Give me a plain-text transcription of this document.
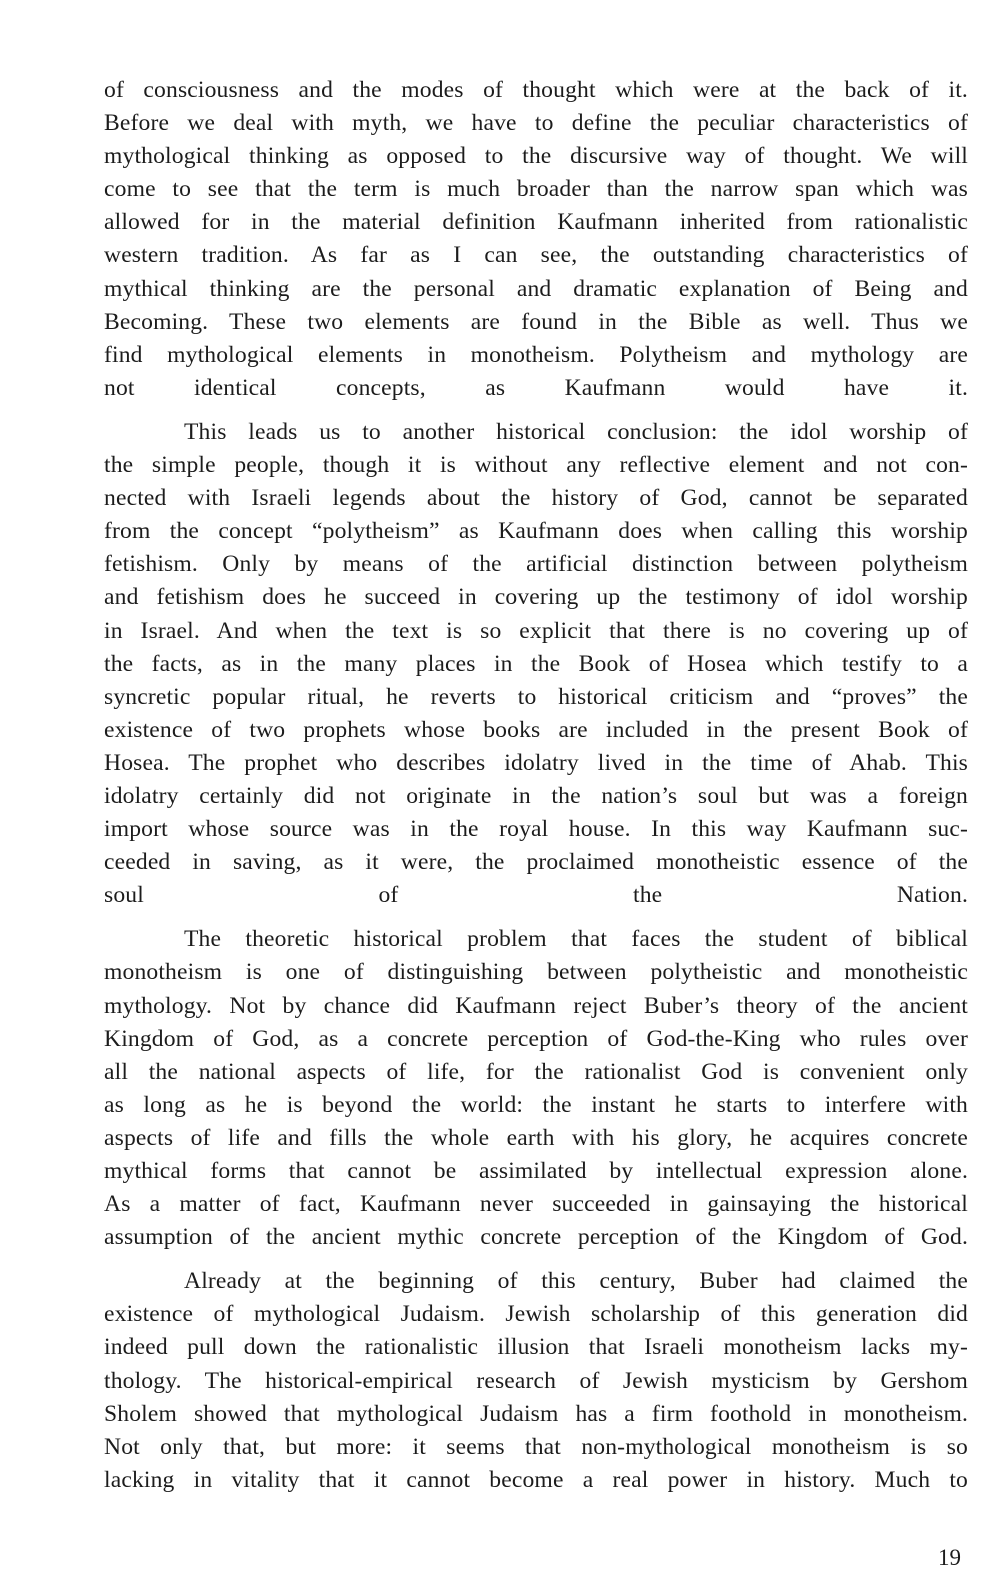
of consciousness and the modes of thought which were at the back of it.
Before we deal with myth, we have to define the peculiar characteristics of
mythological thinking as opposed to the discursive way of thought. We will
come to see that the term is much broader than the narrow span which was
allowed for in the material definition Kaufmann inherited from rationalistic
western tradition. As far as I can see, the outstanding characteristics of
mythical thinking are the personal and dramatic explanation of Being and
Becoming. These two elements are found in the Bible as well. Thus we
find mythological elements in monotheism. Polytheism and mythology are
not identical concepts, as Kaufmann would have it.
This leads us to another historical conclusion: the idol worship of
the simple people, though it is without any reflective element and not con-
nected with Israeli legends about the history of God, cannot be separated
from the concept “polytheism” as Kaufmann does when calling this worship
fetishism. Only by means of the artificial distinction between polytheism
and fetishism does he succeed in covering up the testimony of idol worship
in Israel. And when the text is so explicit that there is no covering up of
the facts, as in the many places in the Book of Hosea which testify to a
syncretic popular ritual, he reverts to historical criticism and “proves” the
existence of two prophets whose books are included in the present Book of
Hosea. The prophet who describes idolatry lived in the time of Ahab. This
idolatry certainly did not originate in the nation’s soul but was a foreign
import whose source was in the royal house. In this way Kaufmann suc-
ceeded in saving, as it were, the proclaimed monotheistic essence of the
soul of the Nation.
The theoretic historical problem that faces the student of biblical
monotheism is one of distinguishing between polytheistic and monotheistic
mythology. Not by chance did Kaufmann reject Buber’s theory of the ancient
Kingdom of God, as a concrete perception of God-the-King who rules over
all the national aspects of life, for the rationalist God is convenient only
as long as he is beyond the world: the instant he starts to interfere with
aspects of life and fills the whole earth with his glory, he acquires concrete
mythical forms that cannot be assimilated by intellectual expression alone.
As a matter of fact, Kaufmann never succeeded in gainsaying the historical
assumption of the ancient mythic concrete perception of the Kingdom of God.
Already at the beginning of this century, Buber had claimed the
existence of mythological Judaism. Jewish scholarship of this generation did
indeed pull down the rationalistic illusion that Israeli monotheism lacks my-
thology. The historical-empirical research of Jewish mysticism by Gershom
Sholem showed that mythological Judaism has a firm foothold in monotheism.
Not only that, but more: it seems that non-mythological monotheism is so
lacking in vitality that it cannot become a real power in history. Much to
19
